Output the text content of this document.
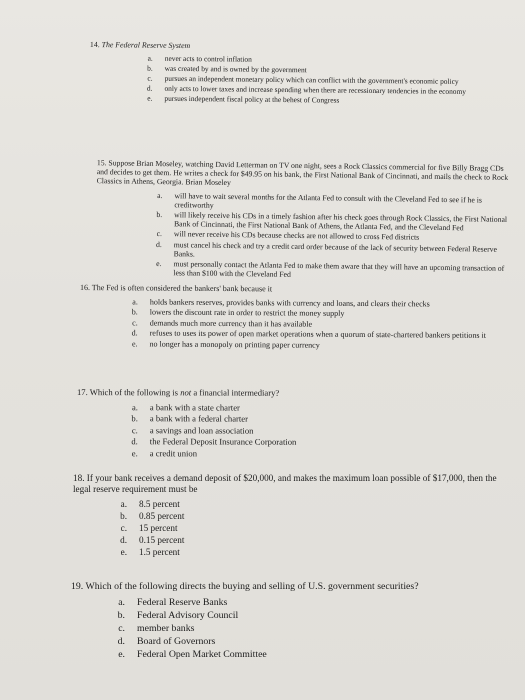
14. The Federal Reserve System

a.	never acts to control inflation
b.	was created by and is owned by the government
c.	pursues an independent monetary policy which can conflict with the government's economic policy
d.	only acts to lower taxes and increase spending when there are recessionary tendencies in the economy
e.	pursues independent fiscal policy at the behest of Congress

15. Suppose Brian Moseley, watching David Letterman on TV one night, sees a Rock Classics commercial for five Billy Bragg CDs and decides to get them. He writes a check for $49.95 on his bank, the First National Bank of Cincinnati, and mails the check to Rock Classics in Athens, Georgia. Brian Moseley

a.	will have to wait several months for the Atlanta Fed to consult with the Cleveland Fed to see if he is creditworthy
b.	will likely receive his CDs in a timely fashion after his check goes through Rock Classics, the First National Bank of Cincinnati, the First National Bank of Athens, the Atlanta Fed, and the Cleveland Fed
c.	will never receive his CDs because checks are not allowed to cross Fed districts
d.	must cancel his check and try a credit card order because of the lack of security between Federal Reserve Banks.
e.	must personally contact the Atlanta Fed to make them aware that they will have an upcoming transaction of less than $100 with the Cleveland Fed

16. The Fed is often considered the bankers' bank because it

a.	holds bankers reserves, provides banks with currency and loans, and clears their checks
b.	lowers the discount rate in order to restrict the money supply
c.	demands much more currency than it has available
d.	refuses to uses its power of open market operations when a quorum of state-chartered bankers petitions it
e.	no longer has a monopoly on printing paper currency

17. Which of the following is not a financial intermediary?

a.	a bank with a state charter
b.	a bank with a federal charter
c.	a savings and loan association
d.	the Federal Deposit Insurance Corporation
e.	a credit union

18. If your bank receives a demand deposit of $20,000, and makes the maximum loan possible of $17,000, then the legal reserve requirement must be

a.	8.5 percent
b.	0.85 percent
c.	15 percent
d.	0.15 percent
e.	1.5 percent

19. Which of the following directs the buying and selling of U.S. government securities?

a.	Federal Reserve Banks
b.	Federal Advisory Council
c.	member banks
d.	Board of Governors
e.	Federal Open Market Committee
